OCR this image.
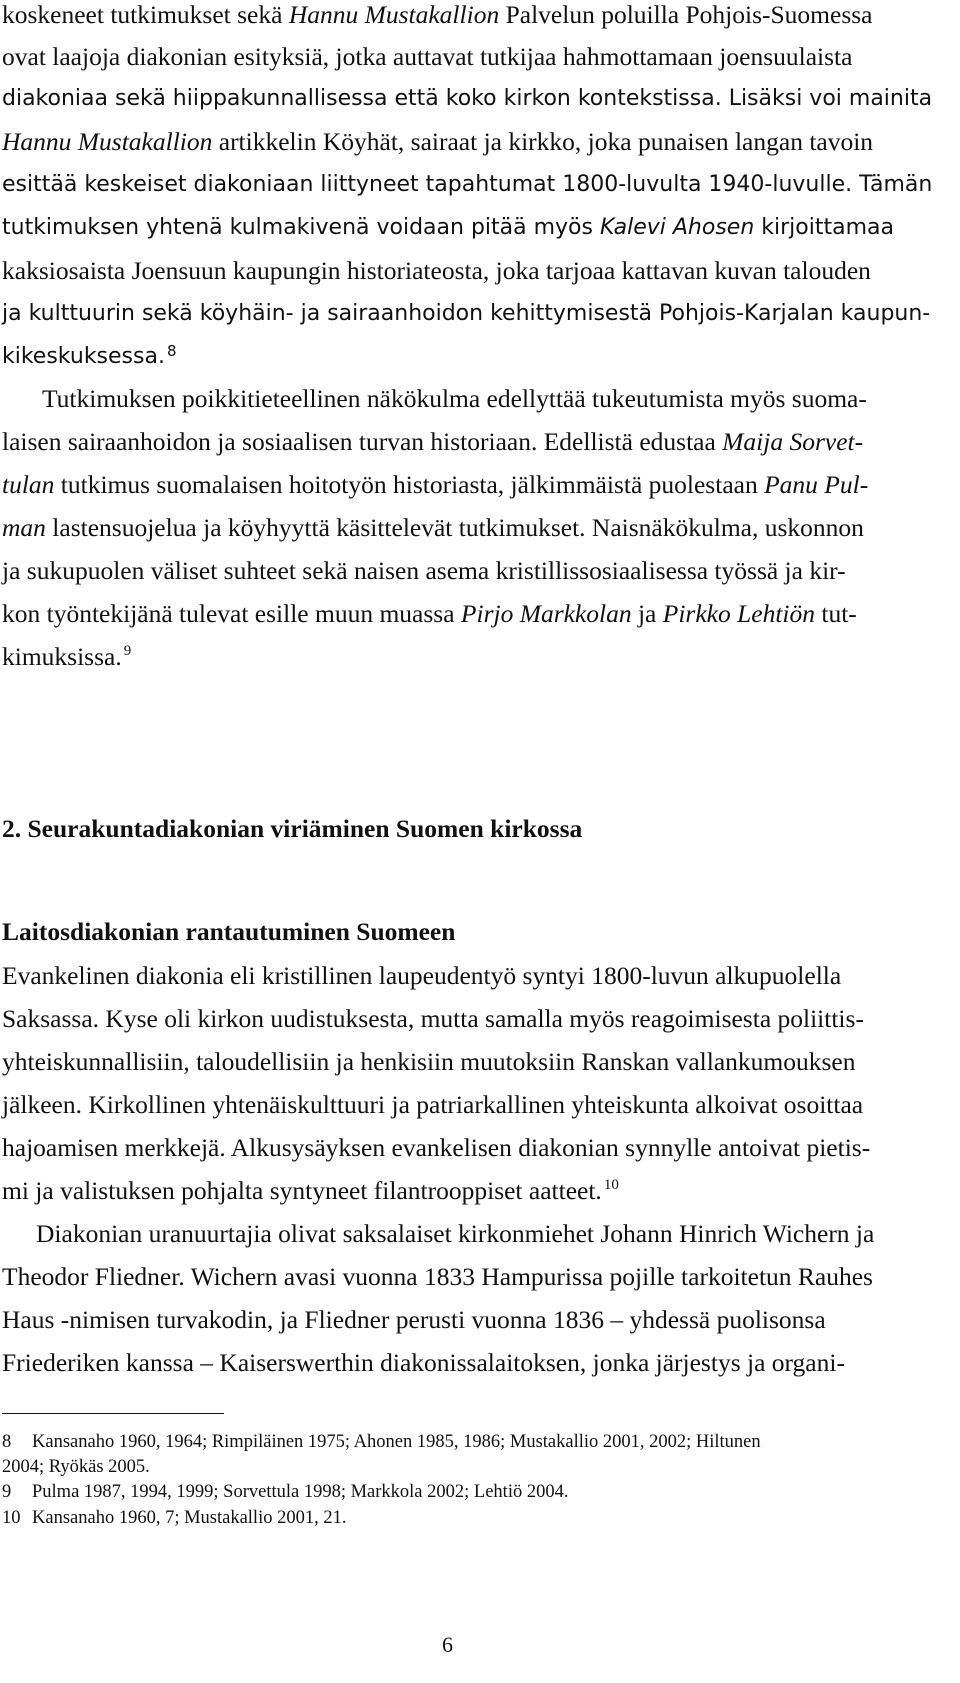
koskeneet tutkimukset sekä Hannu Mustakallion Palvelun poluilla Pohjois-Suomessa

ovat laajoja diakonian esityksiä, jotka auttavat tutkijaa hahmottamaan joensuulaista

diakoniaa sekä hiippakunnallisessa että koko kirkon kontekstissa. Lisäksi voi mainita

Hannu Mustakallion artikkelin Köyhät, sairaat ja kirkko, joka punaisen langan tavoin

esittää keskeiset diakoniaan liittyneet tapahtumat 1800-luvulta 1940-luvulle. Tämän

tutkimuksen yhtenä kulmakivenä voidaan pitää myös Kalevi Ahosen kirjoittamaa

kaksiosaista Joensuun kaupungin historiateosta, joka tarjoaa kattavan kuvan talouden

ja kulttuurin sekä köyhäin- ja sairaanhoidon kehittymisestä Pohjois-Karjalan kaupun-

kikeskuksessa. $^8$

Tutkimuksen poikkitieteellinen näkökulma edellyttää tukeutumista myös suoma-

laisen sairaanhoidon ja sosiaalisen turvan historiaan. Edellistä edustaa Maija Sorvet-

tulan tutkimus suomalaisen hoitotyön historiasta, jälkimmäistä puolestaan Panu Pul-

man lastensuojelua ja köyhyyttä käsittelevät tutkimukset. Naisnäkökulma, uskonnon

ja sukupuolen väliset suhteet sekä naisen asema kristillissosiaalisessa työssä ja kir-

kon työntekijänä tulevat esille muun muassa Pirjo Markkolan ja Pirkko Lehtiön tut-

kimuksissa. $^9$

2. Seurakuntadiakonian viriäminen Suomen kirkossa
Laitosdiakonian rantautuminen Suomeen

Evankelinen diakonia eli kristillinen laupeudentyö syntyi 1800-luvun alkupuolella

Saksassa. Kyse oli kirkon uudistuksesta, mutta samalla myös reagoimisesta poliittis-

yhteiskunnallisiin, taloudellisiin ja henkisiin muutoksiin Ranskan vallankumouksen

jälkeen. Kirkollinen yhtenäiskulttuuri ja patriarkallinen yhteiskunta alkoivat osoittaa

hajoamisen merkkejä. Alkusysäyksen evankelisen diakonian synnylle antoivat pietis-

mi ja valistuksen pohjalta syntyneet filantrooppiset aatteet. $^{10}$

Diakonian uranuurtajia olivat saksalaiset kirkonmiehet Johann Hinrich Wichern ja

Theodor Fliedner. Wichern avasi vuonna 1833 Hampurissa pojille tarkoitetun Rauhes

Haus -nimisen turvakodin, ja Fliedner perusti vuonna 1836 – yhdessä puolisonsa

Friederiken kanssa – Kaiserswerthin diakonissalaitoksen, jonka järjestys ja organi-

8 Kansanaho 1960, 1964; Rimpiläinen 1975; Ahonen 1985, 1986; Mustakallio 2001, 2002; Hiltunen
2004; Ryökäs 2005.
9 Pulma 1987, 1994, 1999; Sorvettula 1998; Markkola 2002; Lehtiö 2004.
10 Kansanaho 1960, 7; Mustakallio 2001, 21.
6
